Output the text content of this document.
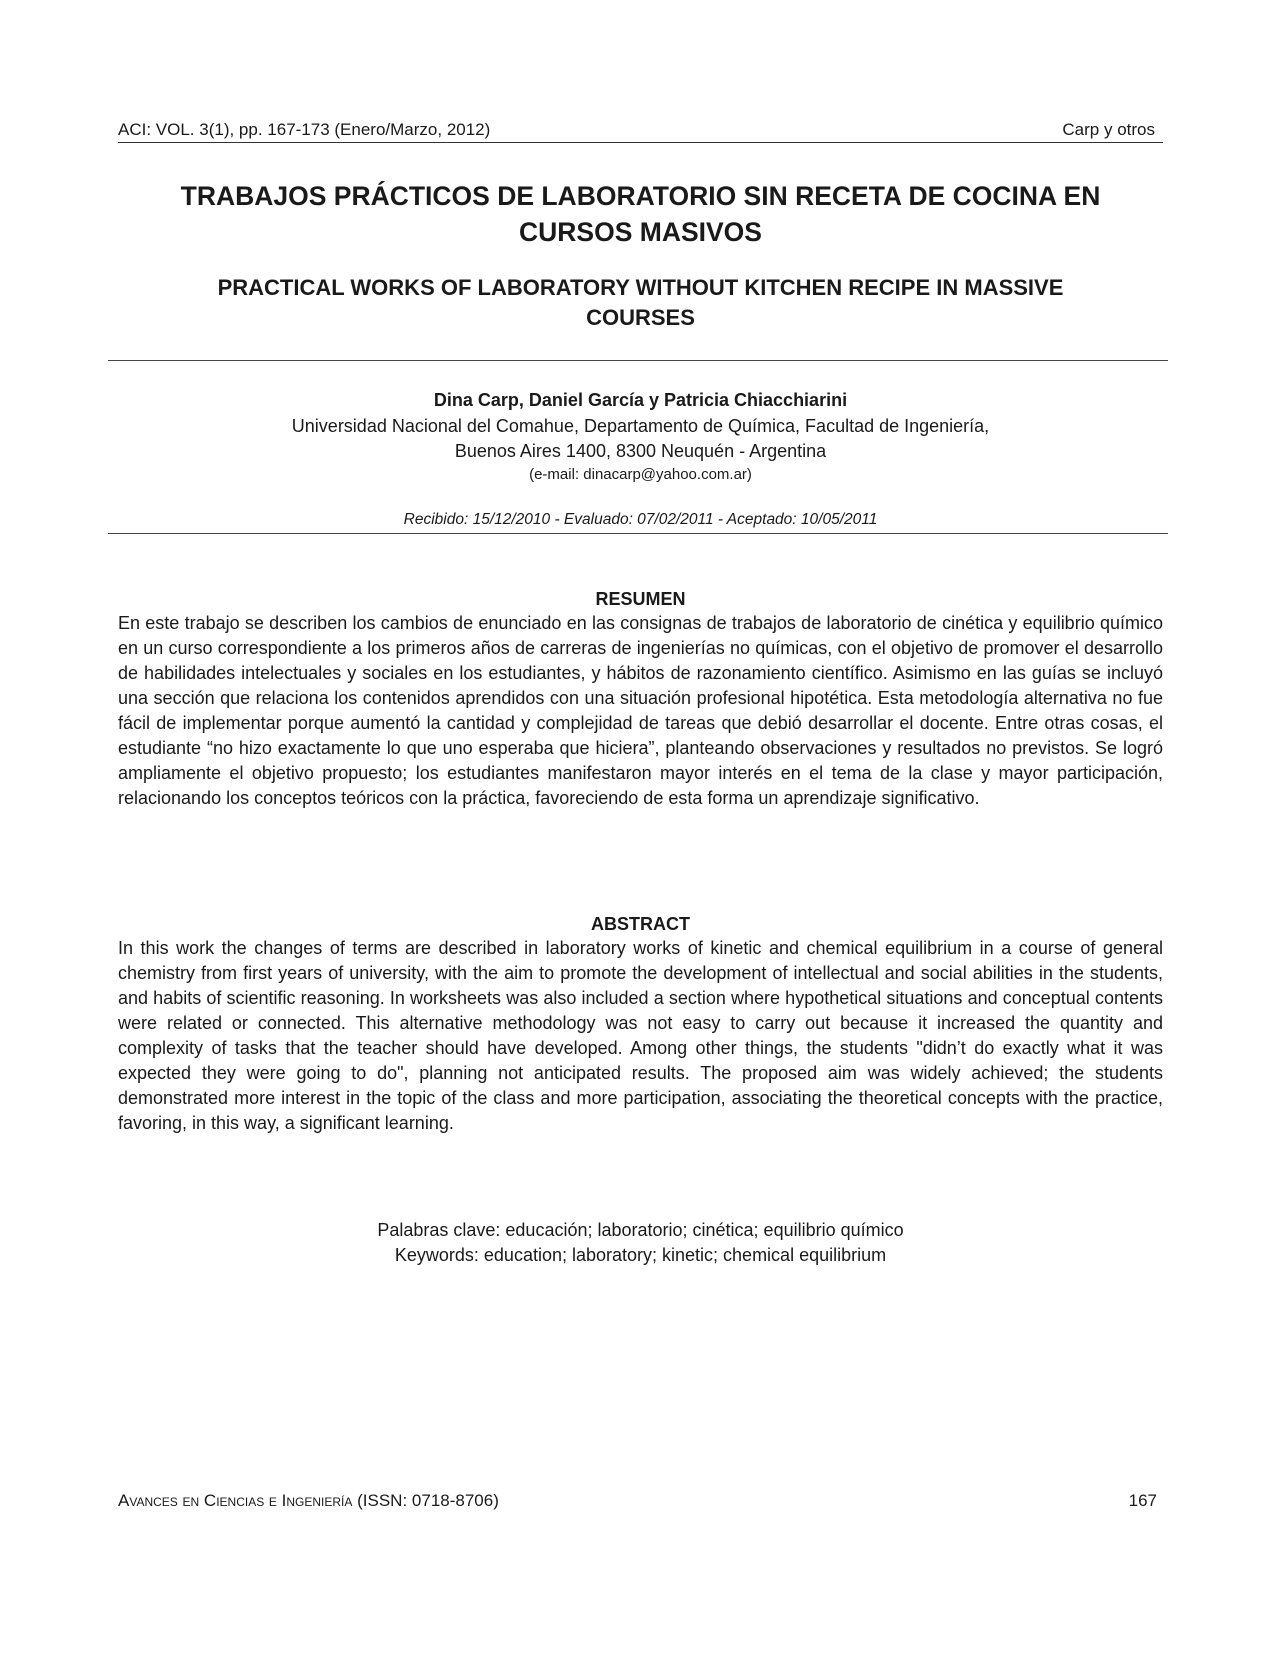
ACI: VOL. 3(1), pp. 167-173 (Enero/Marzo, 2012)	Carp y otros
TRABAJOS PRÁCTICOS DE LABORATORIO SIN RECETA DE COCINA EN
CURSOS MASIVOS
PRACTICAL WORKS OF LABORATORY WITHOUT KITCHEN RECIPE IN MASSIVE
COURSES
Dina Carp, Daniel García y Patricia Chiacchiarini
Universidad Nacional del Comahue, Departamento de Química, Facultad de Ingeniería,
Buenos Aires 1400, 8300 Neuquén - Argentina
(e-mail: dinacarp@yahoo.com.ar)
Recibido: 15/12/2010 - Evaluado: 07/02/2011 - Aceptado: 10/05/2011
RESUMEN

En este trabajo se describen los cambios de enunciado en las consignas de trabajos de laboratorio de cinética y equilibrio químico en un curso correspondiente a los primeros años de carreras de ingenierías no químicas, con el objetivo de promover el desarrollo de habilidades intelectuales y sociales en los estudiantes, y hábitos de razonamiento científico. Asimismo en las guías se incluyó una sección que relaciona los contenidos aprendidos con una situación profesional hipotética. Esta metodología alternativa no fue fácil de implementar porque aumentó la cantidad y complejidad de tareas que debió desarrollar el docente. Entre otras cosas, el estudiante “no hizo exactamente lo que uno esperaba que hiciera”, planteando observaciones y resultados no previstos. Se logró ampliamente el objetivo propuesto; los estudiantes manifestaron mayor interés en el tema de la clase y mayor participación, relacionando los conceptos teóricos con la práctica, favoreciendo de esta forma un aprendizaje significativo.

ABSTRACT

In this work the changes of terms are described in laboratory works of kinetic and chemical equilibrium in a course of general chemistry from first years of university, with the aim to promote the development of intellectual and social abilities in the students, and habits of scientific reasoning. In worksheets was also included a section where hypothetical situations and conceptual contents were related or connected. This alternative methodology was not easy to carry out because it increased the quantity and complexity of tasks that the teacher should have developed. Among other things, the students "didn’t do exactly what it was expected they were going to do", planning not anticipated results. The proposed aim was widely achieved; the students demonstrated more interest in the topic of the class and more participation, associating the theoretical concepts with the practice, favoring, in this way, a significant learning.

Palabras clave: educación; laboratorio; cinética; equilibrio químico
Keywords: education; laboratory; kinetic; chemical equilibrium
Avances en Ciencias e Ingeniería (ISSN: 0718-8706)	167
